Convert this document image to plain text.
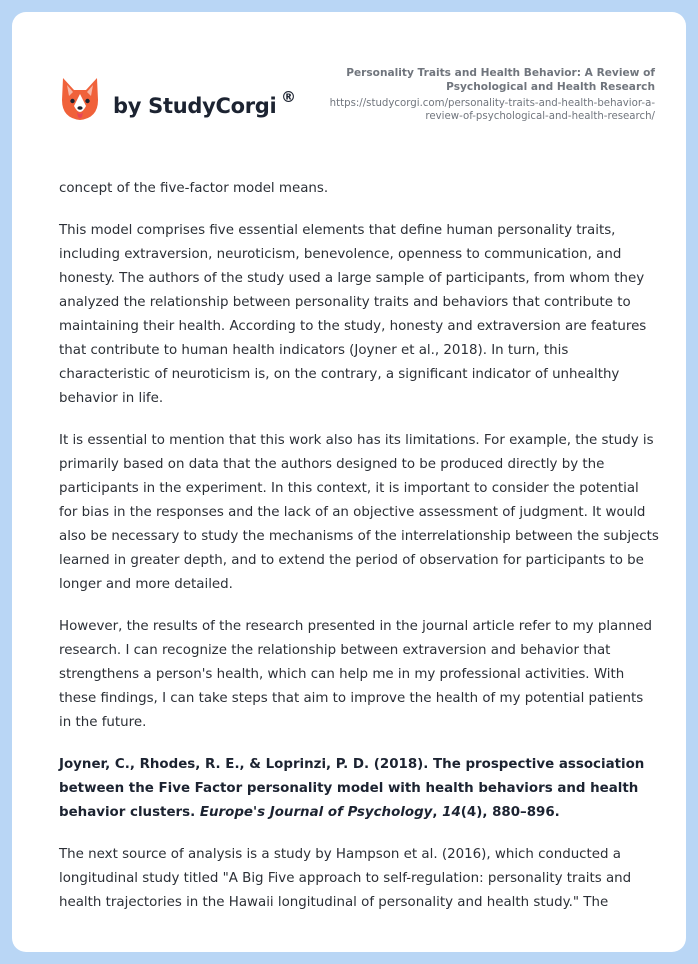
by StudyCorgi ®
Personality Traits and Health Behavior: A Review of Psychological and Health Research
https://studycorgi.com/personality-traits-and-health-behavior-a-review-of-psychological-and-health-research/

concept of the five-factor model means.

This model comprises five essential elements that define human personality traits, including extraversion, neuroticism, benevolence, openness to communication, and honesty. The authors of the study used a large sample of participants, from whom they analyzed the relationship between personality traits and behaviors that contribute to maintaining their health. According to the study, honesty and extraversion are features that contribute to human health indicators (Joyner et al., 2018). In turn, this characteristic of neuroticism is, on the contrary, a significant indicator of unhealthy behavior in life.

It is essential to mention that this work also has its limitations. For example, the study is primarily based on data that the authors designed to be produced directly by the participants in the experiment. In this context, it is important to consider the potential for bias in the responses and the lack of an objective assessment of judgment. It would also be necessary to study the mechanisms of the interrelationship between the subjects learned in greater depth, and to extend the period of observation for participants to be longer and more detailed.

However, the results of the research presented in the journal article refer to my planned research. I can recognize the relationship between extraversion and behavior that strengthens a person's health, which can help me in my professional activities. With these findings, I can take steps that aim to improve the health of my potential patients in the future.

Joyner, C., Rhodes, R. E., & Loprinzi, P. D. (2018). The prospective association between the Five Factor personality model with health behaviors and health behavior clusters. Europe's Journal of Psychology, 14(4), 880–896.

The next source of analysis is a study by Hampson et al. (2016), which conducted a longitudinal study titled "A Big Five approach to self-regulation: personality traits and health trajectories in the Hawaii longitudinal of personality and health study." The
